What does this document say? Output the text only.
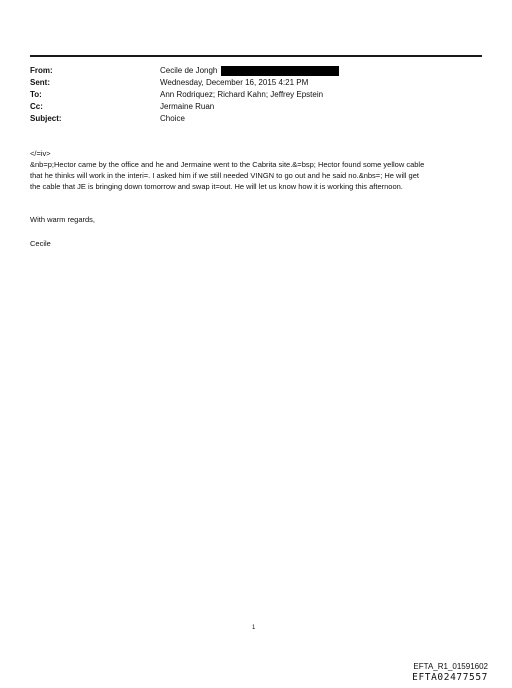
From:	Cecile de Jongh
Sent:	Wednesday, December 16, 2015 4:21 PM
To:	Ann Rodriquez; Richard Kahn; Jeffrey Epstein
Cc:	Jermaine Ruan
Subject:	Choice

</=iv>

&nb=p;Hector came by the office and he and Jermaine went to the Cabrita site.&=bsp; Hector found some yellow cable

that he thinks will work in the interi=. I asked him if we still needed VINGN to go out and he said no.&nbs=; He will get

the cable that JE is bringing down tomorrow and swap it=out. He will let us know how it is working this afternoon.

With warm regards,
Cecile
1
EFTA_R1_01591602
EFTA02477557
